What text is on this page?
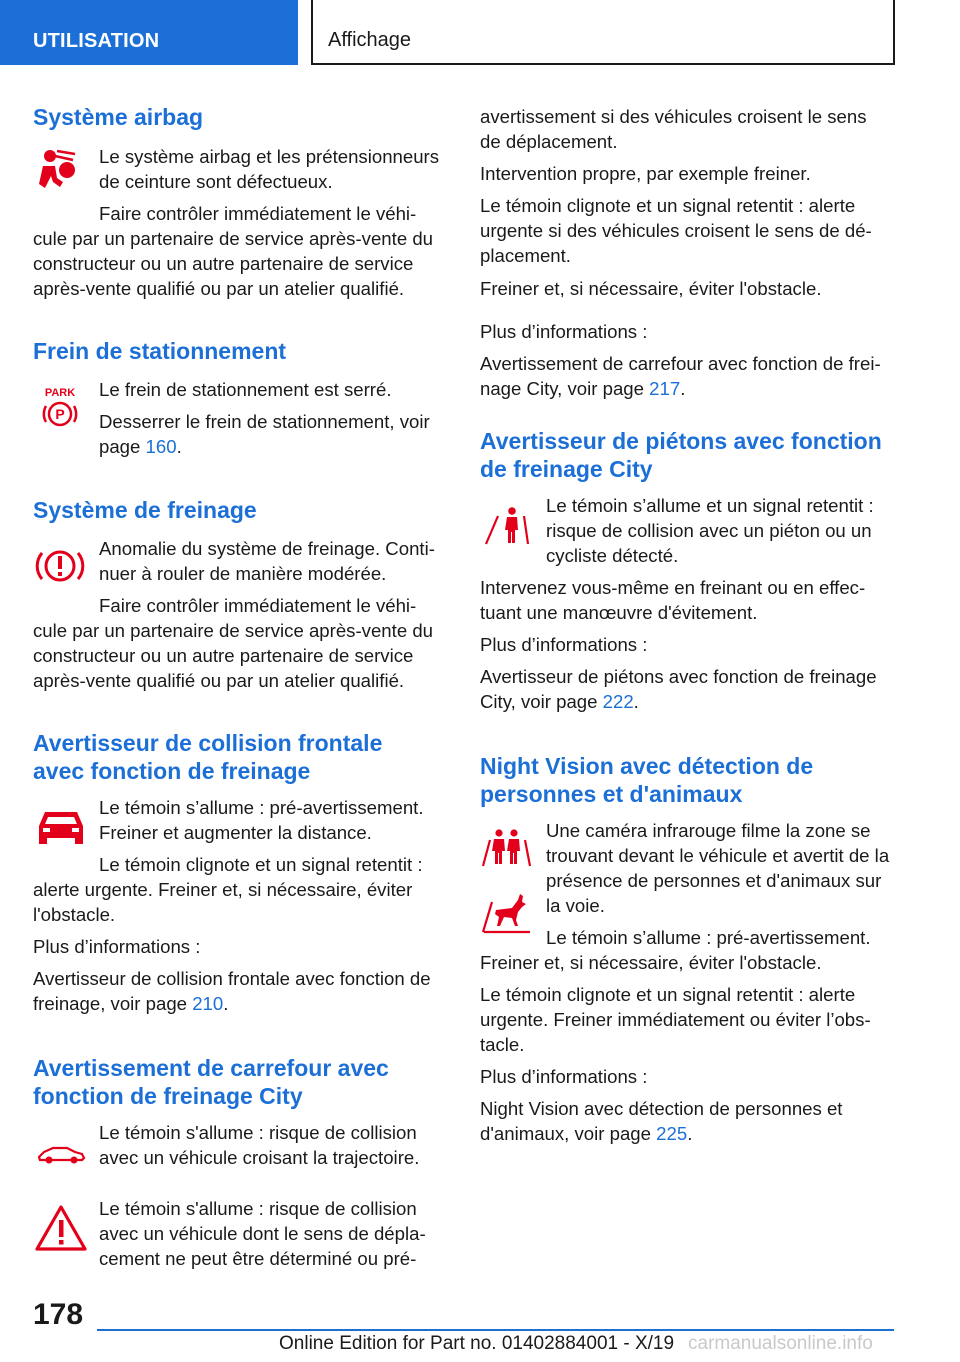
UTILISATION	Affichage
Système airbag

Le système airbag et les prétensionneurs

de ceinture sont défectueux.

Faire contrôler immédiatement le véhi-

cule par un partenaire de service après-vente du

constructeur ou un autre partenaire de service

après-vente qualifié ou par un atelier qualifié.

Frein de stationnement
PARK
P

Le frein de stationnement est serré.

Desserrer le frein de stationnement, voir

page 160.

Système de freinage

Anomalie du système de freinage. Conti-

nuer à rouler de manière modérée.

Faire contrôler immédiatement le véhi-

cule par un partenaire de service après-vente du

constructeur ou un autre partenaire de service

après-vente qualifié ou par un atelier qualifié.

Avertisseur de collision frontale
avec fonction de freinage

Le témoin s’allume : pré-avertissement.

Freiner et augmenter la distance.

Le témoin clignote et un signal retentit :

alerte urgente. Freiner et, si nécessaire, éviter

l'obstacle.

Plus d’informations :

Avertisseur de collision frontale avec fonction de

freinage, voir page 210.

Avertissement de carrefour avec
fonction de freinage City

Le témoin s'allume : risque de collision

avec un véhicule croisant la trajectoire.

Le témoin s'allume : risque de collision

avec un véhicule dont le sens de dépla-

cement ne peut être déterminé ou pré-

avertissement si des véhicules croisent le sens

de déplacement.

Intervention propre, par exemple freiner.

Le témoin clignote et un signal retentit : alerte

urgente si des véhicules croisent le sens de dé-

placement.

Freiner et, si nécessaire, éviter l'obstacle.

Plus d’informations :

Avertissement de carrefour avec fonction de frei-

nage City, voir page 217.

Avertisseur de piétons avec fonction
de freinage City

Le témoin s’allume et un signal retentit :

risque de collision avec un piéton ou un

cycliste détecté.

Intervenez vous-même en freinant ou en effec-

tuant une manœuvre d'évitement.

Plus d’informations :

Avertisseur de piétons avec fonction de freinage

City, voir page 222.

Night Vision avec détection de
personnes et d'animaux

Une caméra infrarouge filme la zone se

trouvant devant le véhicule et avertit de la

présence de personnes et d'animaux sur

la voie.

Le témoin s’allume : pré-avertissement.

Freiner et, si nécessaire, éviter l'obstacle.

Le témoin clignote et un signal retentit : alerte

urgente. Freiner immédiatement ou éviter l’obs-

tacle.

Plus d’informations :

Night Vision avec détection de personnes et

d'animaux, voir page 225.

178
Online Edition for Part no. 01402884001 - X/19 carmanualsonline.info
